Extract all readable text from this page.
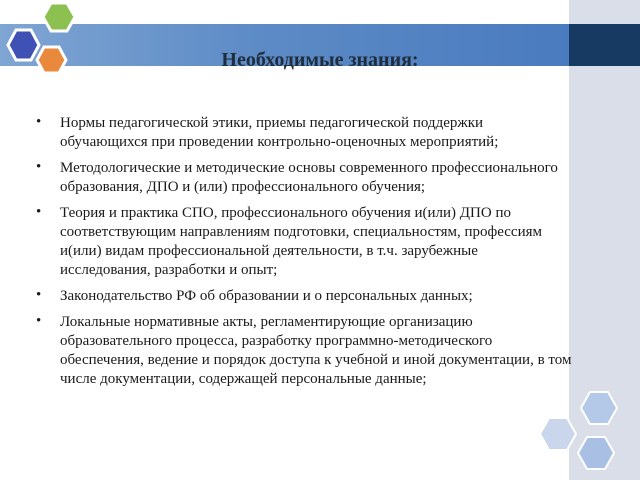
Необходимые знания:
• Нормы педагогической этики, приемы педагогической поддержки обучающихся при проведении контрольно-оценочных мероприятий;
• Методологические и методические основы современного профессионального образования, ДПО и (или) профессионального обучения;
• Теория и практика СПО, профессионального обучения и(или) ДПО по соответствующим направлениям подготовки, специальностям, профессиям и(или) видам профессиональной деятельности, в т.ч. зарубежные исследования, разработки и опыт;
• Законодательство РФ об образовании и о персональных данных;
• Локальные нормативные акты, регламентирующие организацию образовательного процесса, разработку программно-методического обеспечения, ведение и порядок доступа к учебной и иной документации, в том числе документации, содержащей персональные данные;
